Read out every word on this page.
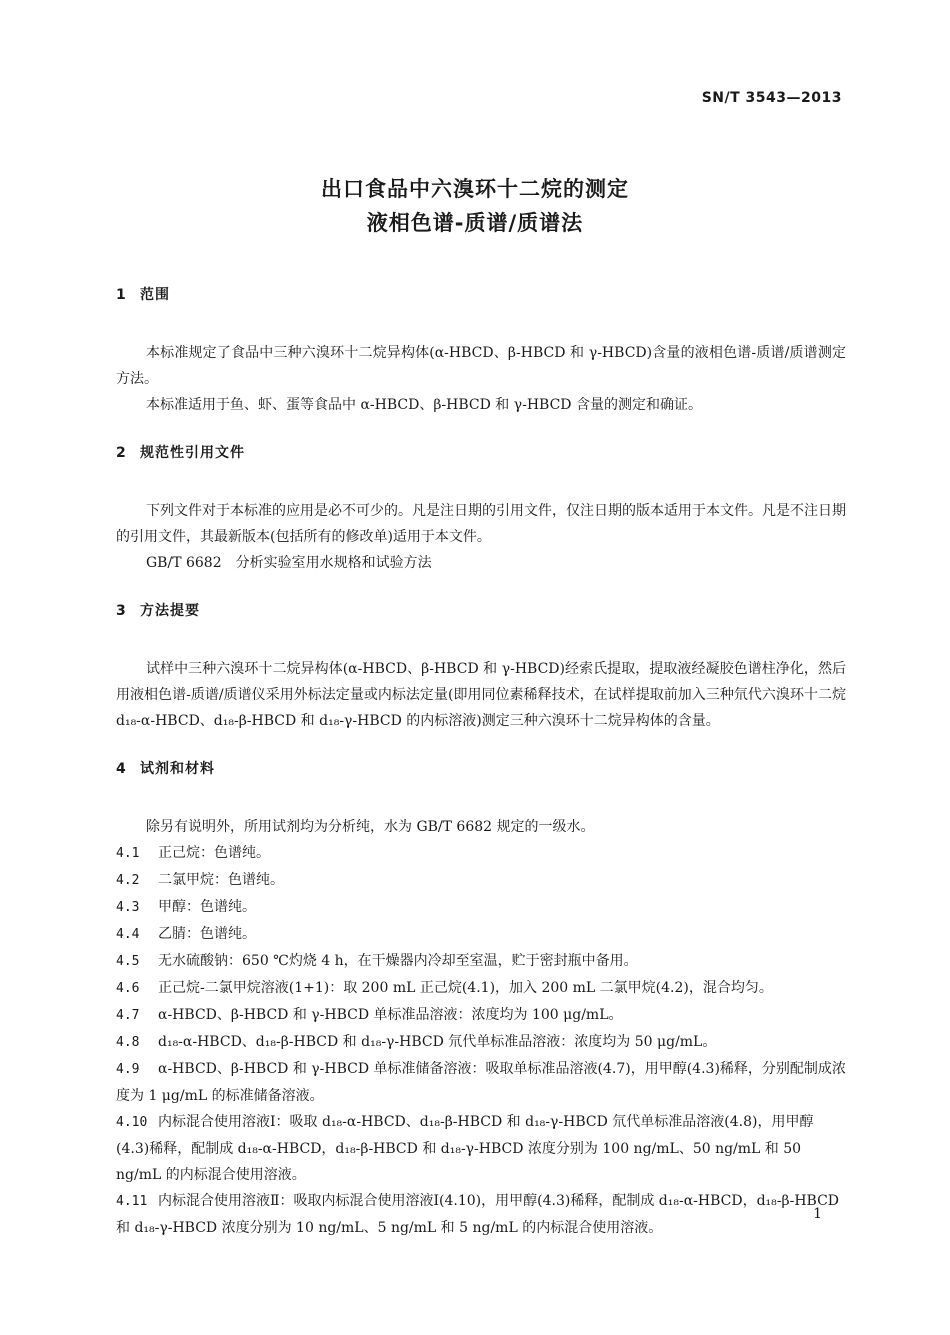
SN/T 3543—2013
出口食品中六溴环十二烷的测定
液相色谱-质谱/质谱法
1 范围

本标准规定了食品中三种六溴环十二烷异构体(α-HBCD、β-HBCD 和 γ-HBCD)含量的液相色谱-质谱/质谱测定方法。

本标准适用于鱼、虾、蛋等食品中 α-HBCD、β-HBCD 和 γ-HBCD 含量的测定和确证。

2 规范性引用文件

下列文件对于本标准的应用是必不可少的。凡是注日期的引用文件，仅注日期的版本适用于本文件。凡是不注日期的引用文件，其最新版本(包括所有的修改单)适用于本文件。

GB/T 6682　分析实验室用水规格和试验方法

3 方法提要

试样中三种六溴环十二烷异构体(α-HBCD、β-HBCD 和 γ-HBCD)经索氏提取，提取液经凝胶色谱柱净化，然后用液相色谱-质谱/质谱仪采用外标法定量或内标法定量(即用同位素稀释技术，在试样提取前加入三种氘代六溴环十二烷 d₁₈-α-HBCD、d₁₈-β-HBCD 和 d₁₈-γ-HBCD 的内标溶液)测定三种六溴环十二烷异构体的含量。

4 试剂和材料

除另有说明外，所用试剂均为分析纯，水为 GB/T 6682 规定的一级水。

4.1 正己烷：色谱纯。

4.2 二氯甲烷：色谱纯。

4.3 甲醇：色谱纯。

4.4 乙腈：色谱纯。

4.5 无水硫酸钠：650 ℃灼烧 4 h，在干燥器内冷却至室温，贮于密封瓶中备用。

4.6 正己烷-二氯甲烷溶液(1+1)：取 200 mL 正己烷(4.1)，加入 200 mL 二氯甲烷(4.2)，混合均匀。

4.7 α-HBCD、β-HBCD 和 γ-HBCD 单标准品溶液：浓度均为 100 μg/mL。

4.8 d₁₈-α-HBCD、d₁₈-β-HBCD 和 d₁₈-γ-HBCD 氘代单标准品溶液：浓度均为 50 μg/mL。

4.9 α-HBCD、β-HBCD 和 γ-HBCD 单标准储备溶液：吸取单标准品溶液(4.7)，用甲醇(4.3)稀释，分别配制成浓度为 1 μg/mL 的标准储备溶液。

4.10 内标混合使用溶液Ⅰ：吸取 d₁₈-α-HBCD、d₁₈-β-HBCD 和 d₁₈-γ-HBCD 氘代单标准品溶液(4.8)，用甲醇(4.3)稀释，配制成 d₁₈-α-HBCD，d₁₈-β-HBCD 和 d₁₈-γ-HBCD 浓度分别为 100 ng/mL、50 ng/mL 和 50 ng/mL 的内标混合使用溶液。

4.11 内标混合使用溶液Ⅱ：吸取内标混合使用溶液Ⅰ(4.10)，用甲醇(4.3)稀释，配制成 d₁₈-α-HBCD，d₁₈-β-HBCD 和 d₁₈-γ-HBCD 浓度分别为 10 ng/mL、5 ng/mL 和 5 ng/mL 的内标混合使用溶液。

1
